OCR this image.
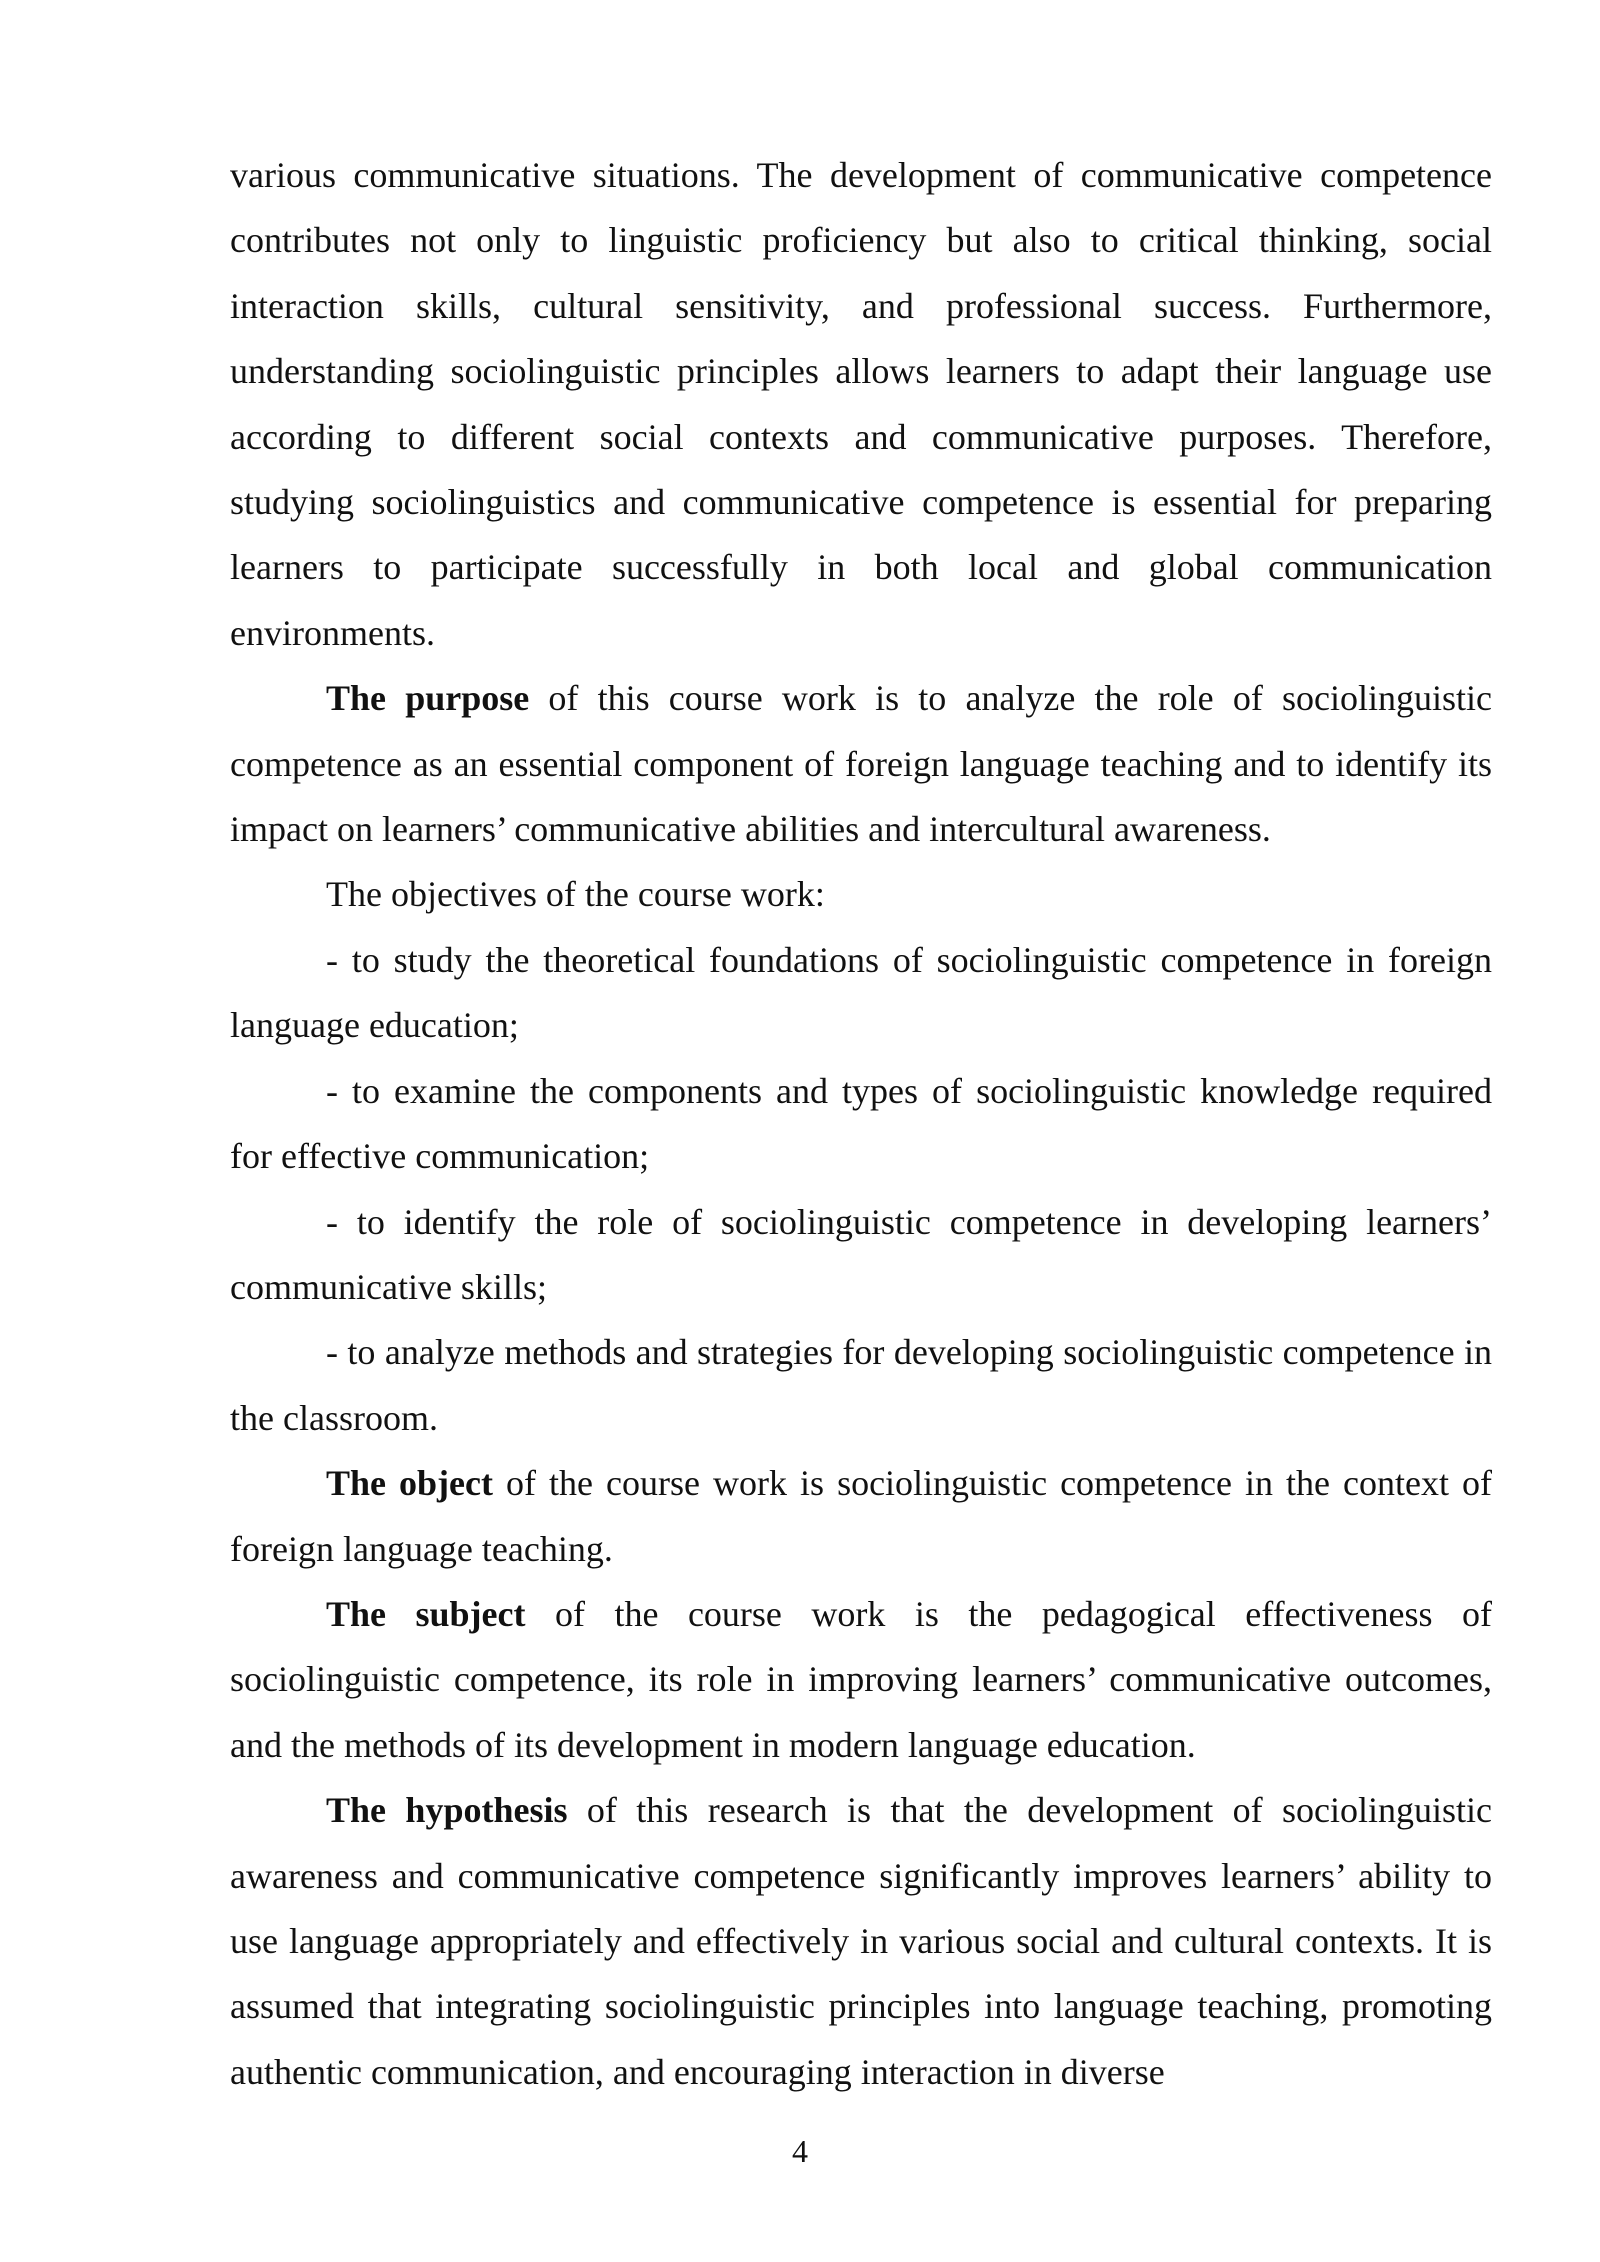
various communicative situations. The development of communicative competence contributes not only to linguistic proficiency but also to critical thinking, social interaction skills, cultural sensitivity, and professional success. Furthermore, understanding sociolinguistic principles allows learners to adapt their language use according to different social contexts and communicative purposes. Therefore, studying sociolinguistics and communicative competence is essential for preparing learners to participate successfully in both local and global communication environments.

The purpose of this course work is to analyze the role of sociolinguistic competence as an essential component of foreign language teaching and to identify its impact on learners’ communicative abilities and intercultural awareness.

The objectives of the course work:

- to study the theoretical foundations of sociolinguistic competence in foreign language education;

- to examine the components and types of sociolinguistic knowledge required for effective communication;

- to identify the role of sociolinguistic competence in developing learners’ communicative skills;

- to analyze methods and strategies for developing sociolinguistic competence in the classroom.

The object of the course work is sociolinguistic competence in the context of foreign language teaching.

The subject of the course work is the pedagogical effectiveness of sociolinguistic competence, its role in improving learners’ communicative outcomes, and the methods of its development in modern language education.

The hypothesis of this research is that the development of sociolinguistic awareness and communicative competence significantly improves learners’ ability to use language appropriately and effectively in various social and cultural contexts. It is assumed that integrating sociolinguistic principles into language teaching, promoting authentic communication, and encouraging interaction in diverse

4
